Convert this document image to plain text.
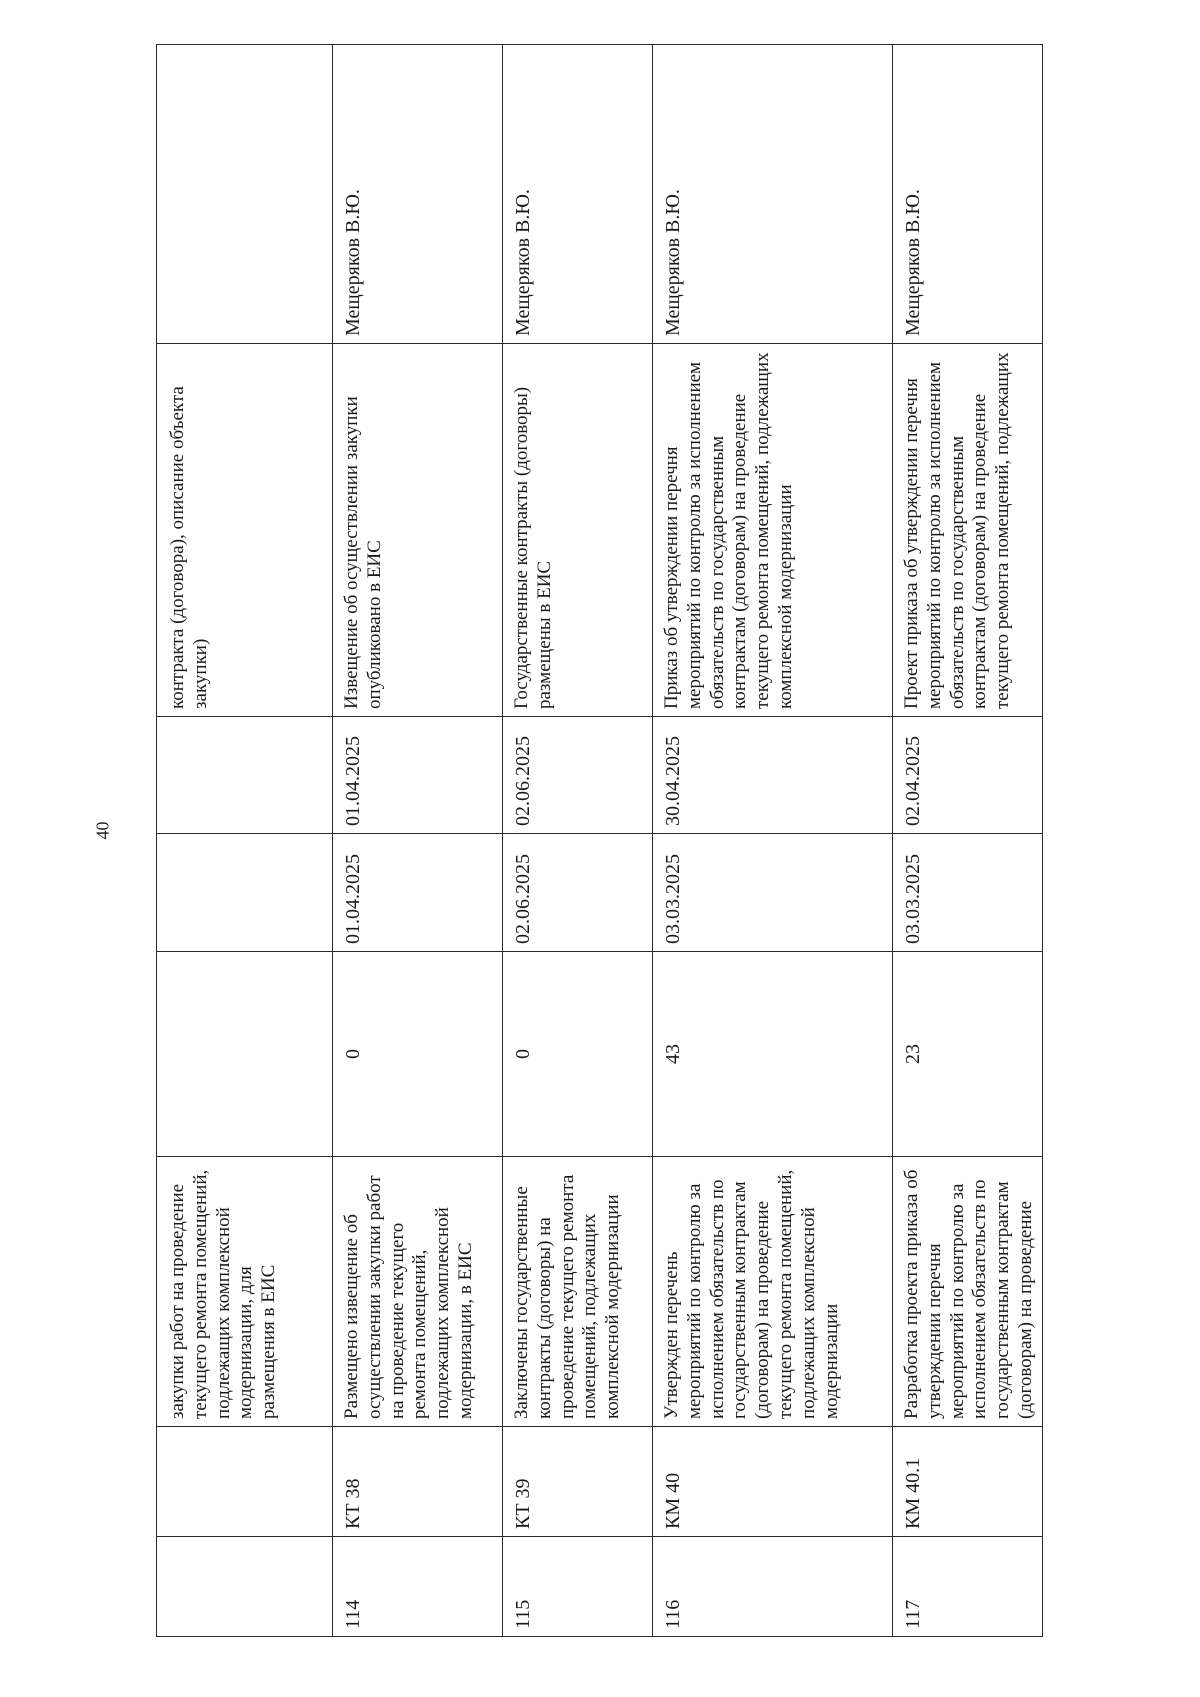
40
		закупки работ на проведение текущего ремонта помещений, подлежащих комплексной модернизации, для размещения в ЕИС				контракта (договора), описание объекта закупки)	
114	КТ 38	Размещено извещение об осуществлении закупки работ на проведение текущего ремонта помещений, подлежащих комплексной модернизации, в ЕИС	0	01.04.2025	01.04.2025	Извещение об осуществлении закупки опубликовано в ЕИС	Мещеряков В.Ю.
115	КТ 39	Заключены государственные контракты (договоры) на проведение текущего ремонта помещений, подлежащих комплексной модернизации	0	02.06.2025	02.06.2025	Государственные контракты (договоры) размещены в ЕИС	Мещеряков В.Ю.
116	КМ 40	Утвержден перечень мероприятий по контролю за исполнением обязательств по государственным контрактам (договорам) на проведение текущего ремонта помещений, подлежащих комплексной модернизации	43	03.03.2025	30.04.2025	Приказ об утверждении перечня мероприятий по контролю за исполнением обязательств по государственным контрактам (договорам) на проведение текущего ремонта помещений, подлежащих комплексной модернизации	Мещеряков В.Ю.
117	КМ 40.1	Разработка проекта приказа об утверждении перечня мероприятий по контролю за исполнением обязательств по государственным контрактам (договорам) на проведение	23	03.03.2025	02.04.2025	Проект приказа об утверждении перечня мероприятий по контролю за исполнением обязательств по государственным контрактам (договорам) на проведение текущего ремонта помещений, подлежащих	Мещеряков В.Ю.
